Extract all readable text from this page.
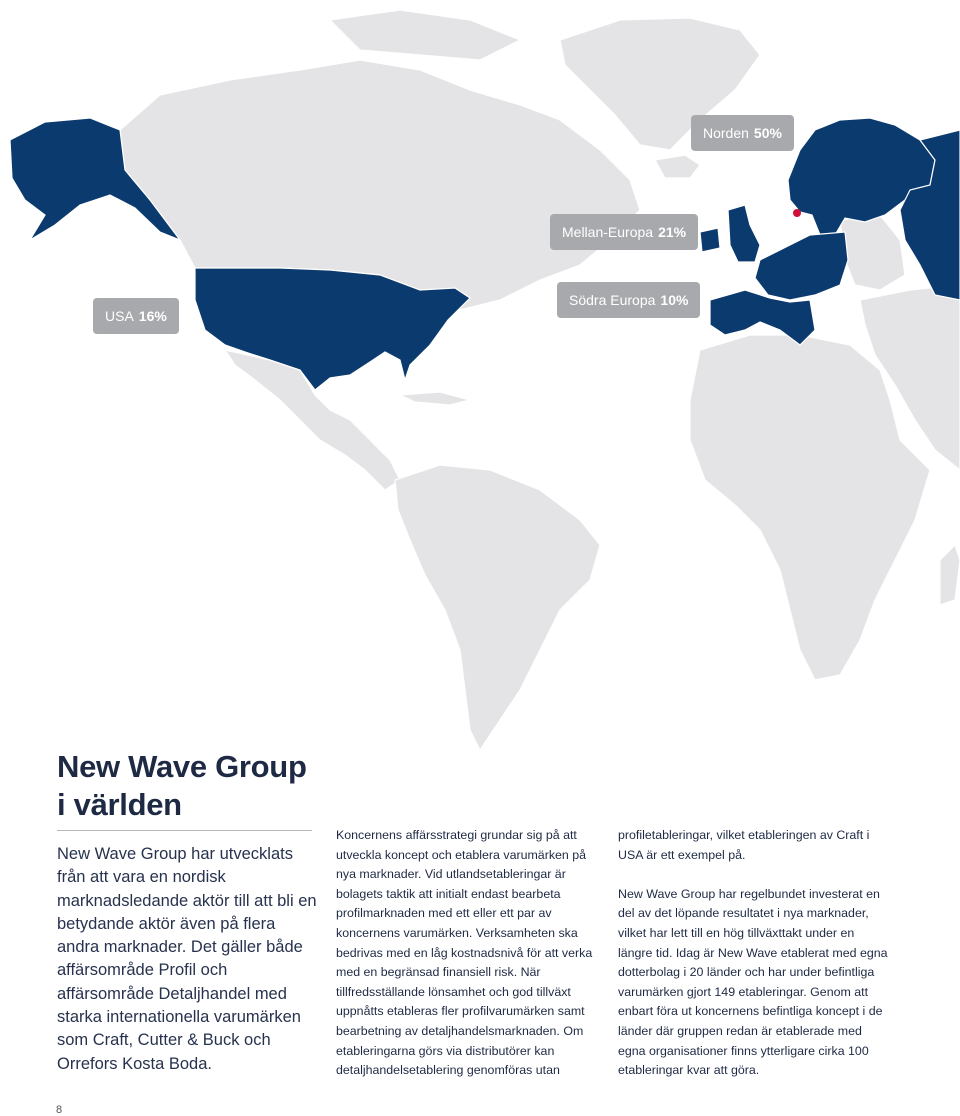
Norden 50%
Mellan-Europa 21%
USA 16%
Södra Europa 10%
New Wave Group
i världen

New Wave Group har utvecklats från att vara en nordisk marknadsledande aktör till att bli en betydande aktör även på flera andra marknader. Det gäller både affärsområde Profil och affärsområde Detaljhandel med starka internationella varumärken som Craft, Cutter & Buck och Orrefors Kosta Boda.

Koncernens affärsstrategi grundar sig på att utveckla koncept och etablera varumärken på nya marknader. Vid utlandsetableringar är bolagets taktik att initialt endast bearbeta profilmarknaden med ett eller ett par av koncernens varumärken. Verksamheten ska bedrivas med en låg kostnadsnivå för att verka med en begränsad finansiell risk. När tillfredsställande lönsamhet och god tillväxt uppnåtts etableras fler profilvarumärken samt bearbetning av detaljhandelsmarknaden. Om etableringarna görs via distributörer kan detaljhandelsetablering genomföras utan

profiletableringar, vilket etableringen av Craft i USA är ett exempel på.

New Wave Group har regelbundet investerat en del av det löpande resultatet i nya marknader, vilket har lett till en hög tillväxttakt under en längre tid. Idag är New Wave etablerat med egna dotterbolag i 20 länder och har under befintliga varumärken gjort 149 etableringar. Genom att enbart föra ut koncernens befintliga koncept i de länder där gruppen redan är etablerade med egna organisationer finns ytterligare cirka 100 etableringar kvar att göra.

8
